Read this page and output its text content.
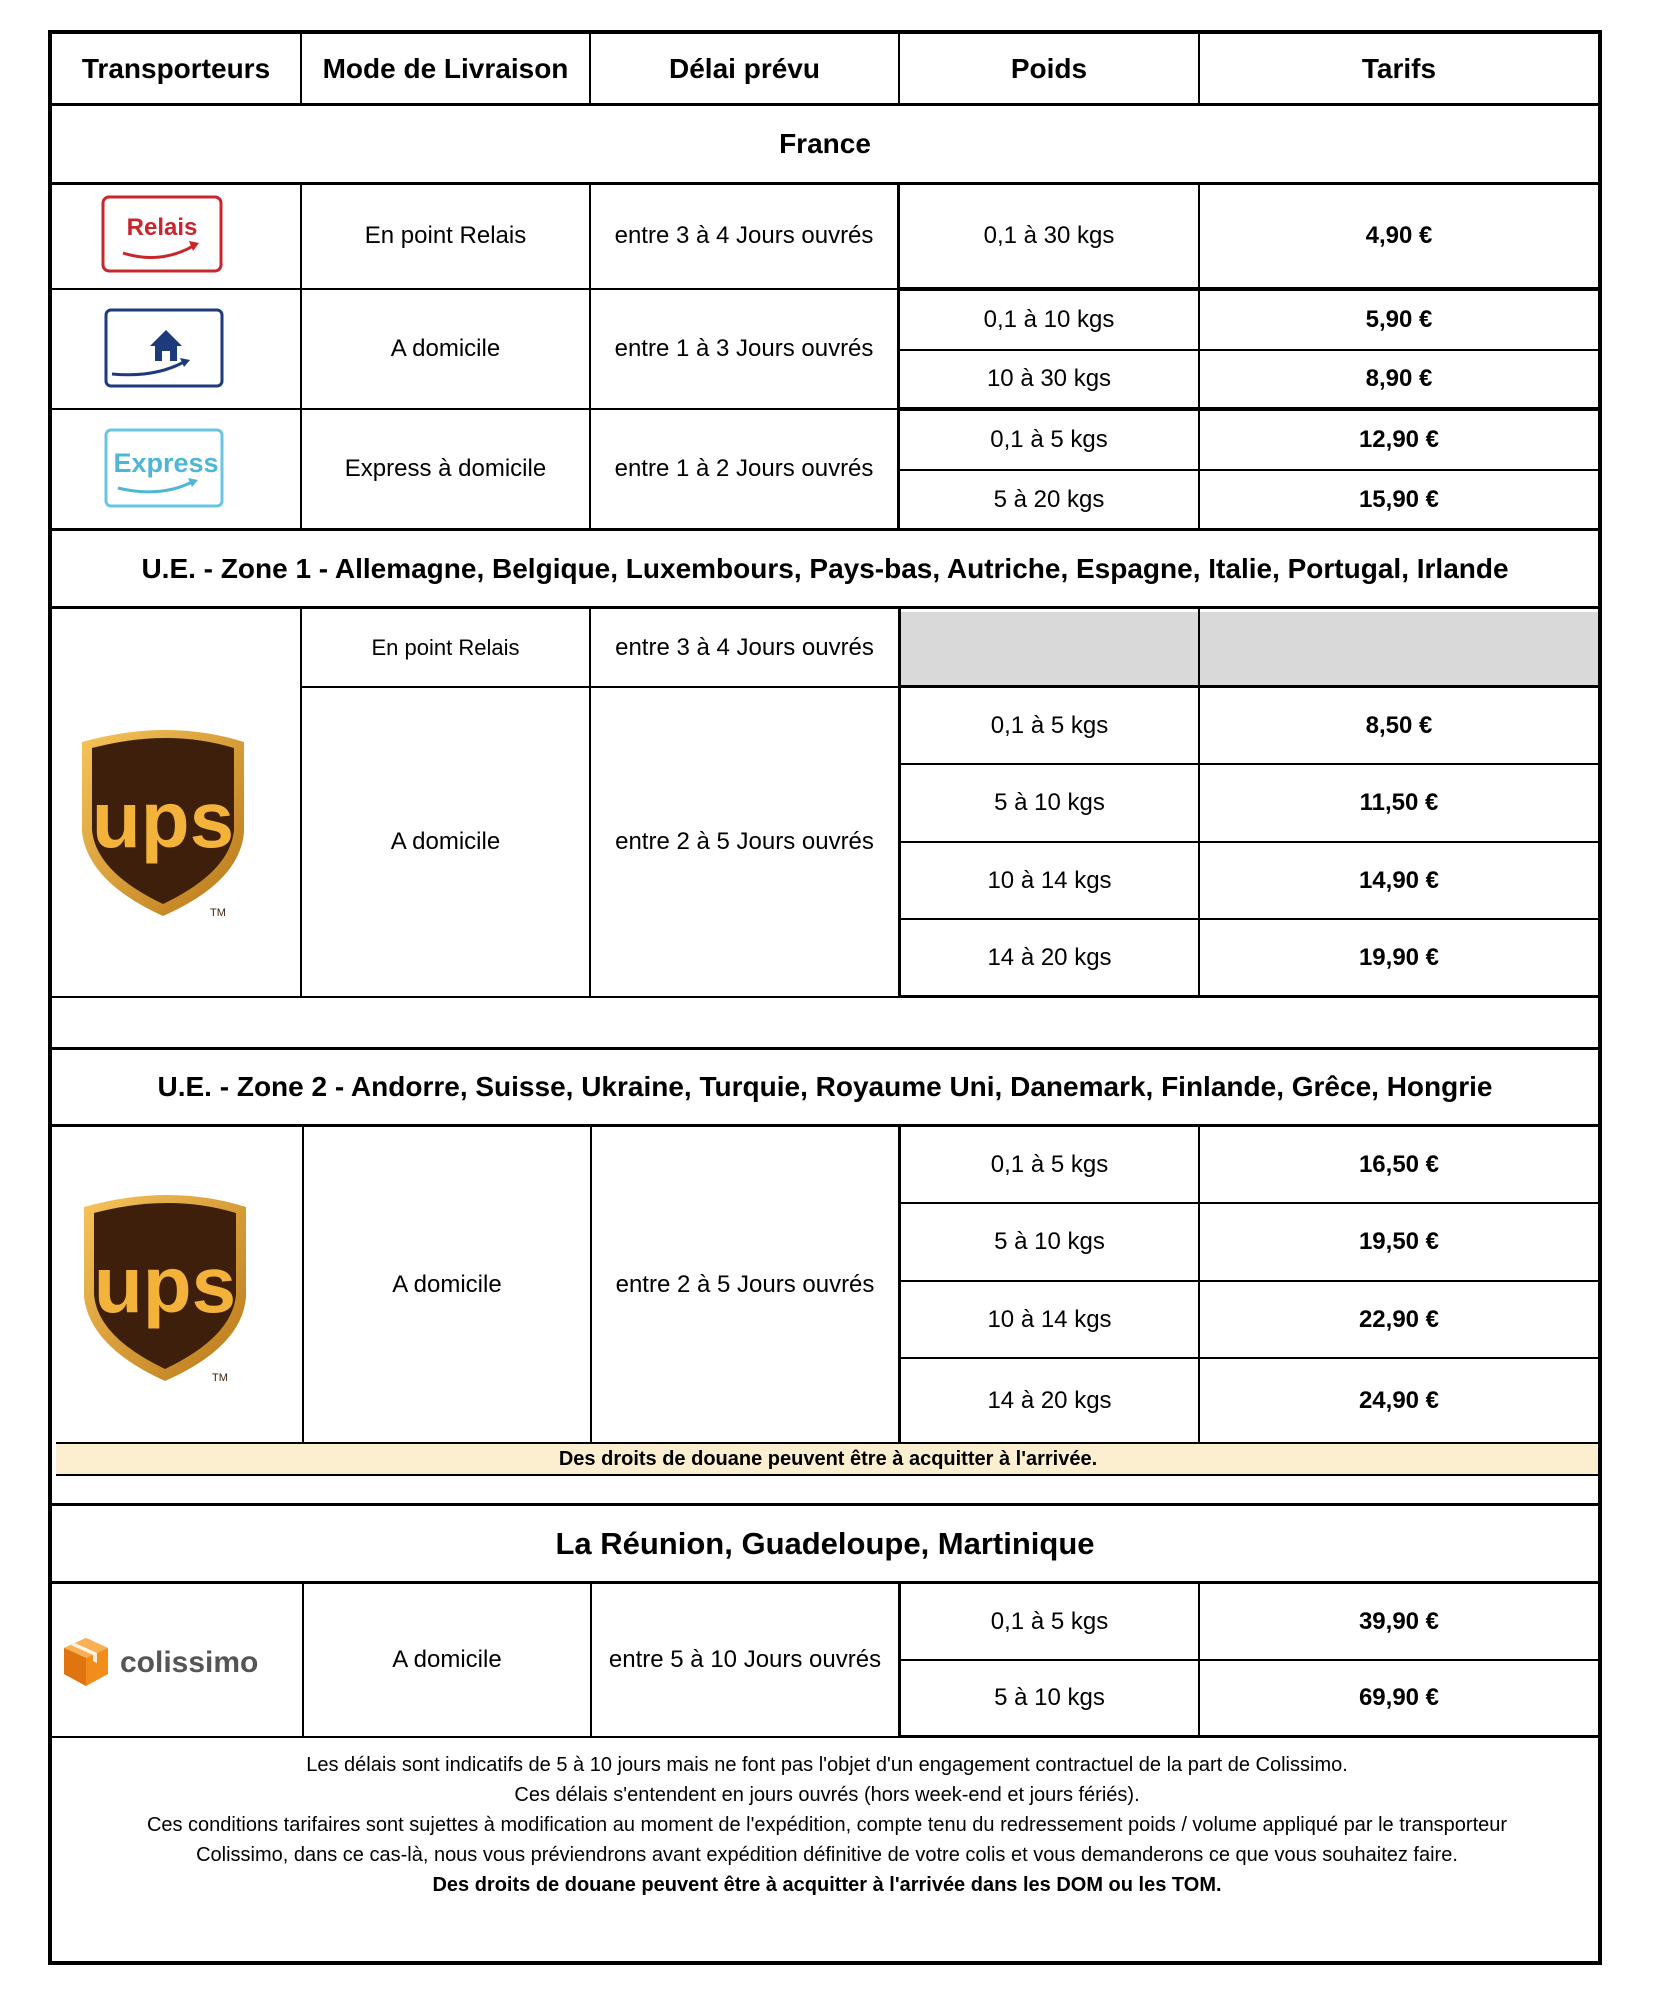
Des droits de douane peuvent être à acquitter à l'arrivée.
Transporteurs	Mode de Livraison	Délai prévu	Poids	Tarifs
France
Relais	En point Relais	entre 3 à 4 Jours ouvrés	0,1 à 30 kgs	4,90 €
A domicile	entre 1 à 3 Jours ouvrés
0,1 à 10 kgs	5,90 €
10 à 30 kgs	8,90 €
Express	Express à domicile	entre 1 à 2 Jours ouvrés
0,1 à 5 kgs	12,90 €
5 à 20 kgs	15,90 €
U.E. - Zone 1 - Allemagne, Belgique, Luxembours, Pays-bas, Autriche, Espagne, Italie, Portugal, Irlande
ups
TM
En point Relais	entre 3 à 4 Jours ouvrés
A domicile	entre 2 à 5 Jours ouvrés
0,1 à 5 kgs	8,50 €
5 à 10 kgs	11,50 €
10 à 14 kgs	14,90 €
14 à 20 kgs	19,90 €
U.E. - Zone 2 - Andorre, Suisse, Ukraine, Turquie, Royaume Uni, Danemark, Finlande, Grêce, Hongrie
ups
TM
A domicile	entre 2 à 5 Jours ouvrés
0,1 à 5 kgs	16,50 €
5 à 10 kgs	19,50 €
10 à 14 kgs	22,90 €
14 à 20 kgs	24,90 €
La Réunion, Guadeloupe, Martinique
colissimo	A domicile	entre 5 à 10 Jours ouvrés
0,1 à 5 kgs	39,90 €
5 à 10 kgs	69,90 €
Les délais sont indicatifs de 5 à 10 jours mais ne font pas l'objet d'un engagement contractuel de la part de Colissimo.
Ces délais s'entendent en jours ouvrés (hors week-end et jours fériés).
Ces conditions tarifaires sont sujettes à modification au moment de l'expédition, compte tenu du redressement poids / volume appliqué par le transporteur
Colissimo, dans ce cas-là, nous vous préviendrons avant expédition définitive de votre colis et vous demanderons ce que vous souhaitez faire.
Des droits de douane peuvent être à acquitter à l'arrivée dans les DOM ou les TOM.
